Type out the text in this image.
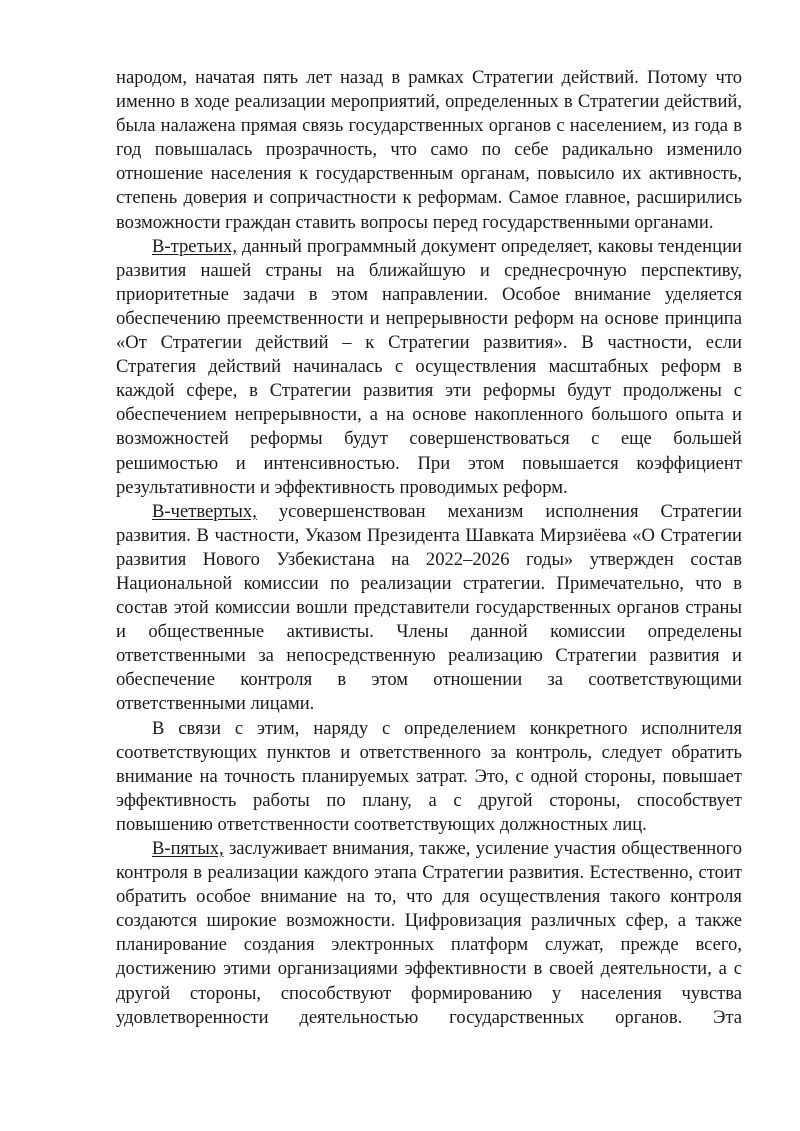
народом, начатая пять лет назад в рамках Стратегии действий. Потому что именно в ходе реализации мероприятий, определенных в Стратегии действий, была налажена прямая связь государственных органов с населением, из года в год повышалась прозрачность, что само по себе радикально изменило отношение населения к государственным органам, повысило их активность, степень доверия и сопричастности к реформам. Самое главное, расширились возможности граждан ставить вопросы перед государственными органами.

В-третьих, данный программный документ определяет, каковы тенденции развития нашей страны на ближайшую и среднесрочную перспективу, приоритетные задачи в этом направлении. Особое внимание уделяется обеспечению преемственности и непрерывности реформ на основе принципа «От Стратегии действий – к Стратегии развития». В частности, если Стратегия действий начиналась с осуществления масштабных реформ в каждой сфере, в Стратегии развития эти реформы будут продолжены с обеспечением непрерывности, а на основе накопленного большого опыта и возможностей реформы будут совершенствоваться с еще большей решимостью и интенсивностью. При этом повышается коэффициент результативности и эффективность проводимых реформ.

В-четвертых, усовершенствован механизм исполнения Стратегии развития. В частности, Указом Президента Шавката Мирзиёева «О Стратегии развития Нового Узбекистана на 2022–2026 годы» утвержден состав Национальной комиссии по реализации стратегии. Примечательно, что в состав этой комиссии вошли представители государственных органов страны и общественные активисты. Члены данной комиссии определены ответственными за непосредственную реализацию Стратегии развития и обеспечение контроля в этом отношении за соответствующими ответственными лицами.

В связи с этим, наряду с определением конкретного исполнителя соответствующих пунктов и ответственного за контроль, следует обратить внимание на точность планируемых затрат. Это, с одной стороны, повышает эффективность работы по плану, а с другой стороны, способствует повышению ответственности соответствующих должностных лиц.

В-пятых, заслуживает внимания, также, усиление участия общественного контроля в реализации каждого этапа Стратегии развития. Естественно, стоит обратить особое внимание на то, что для осуществления такого контроля создаются широкие возможности. Цифровизация различных сфер, а также планирование создания электронных платформ служат, прежде всего, достижению этими организациями эффективности в своей деятельности, а с другой стороны, способствуют формированию у населения чувства удовлетворенности деятельностью государственных органов. Эта
